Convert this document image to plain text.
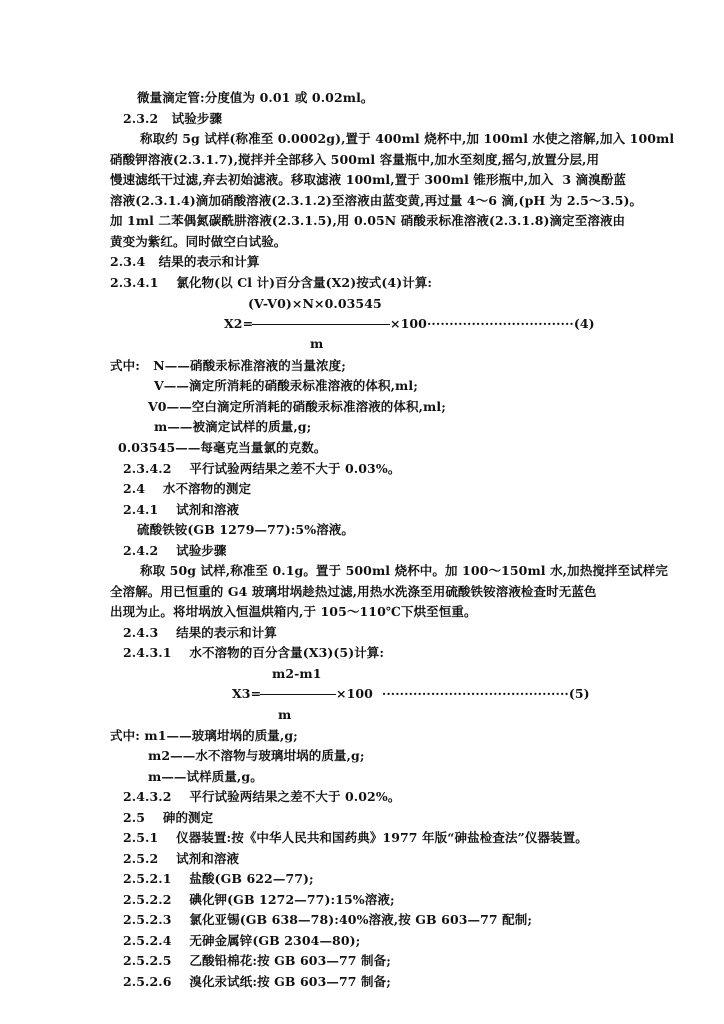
微量滴定管:分度值为 0.01 或 0.02ml。
2.3.2   试验步骤
称取约 5g 试样(称准至 0.0002g),置于 400ml 烧杯中,加 100ml 水使之溶解,加入 100ml
硝酸钾溶液(2.3.1.7),搅拌并全部移入 500ml 容量瓶中,加水至刻度,摇匀,放置分层,用
慢速滤纸干过滤,弃去初始滤液。移取滤液 100ml,置于 300ml 锥形瓶中,加入  3 滴溴酚蓝
溶液(2.3.1.4)滴加硝酸溶液(2.3.1.2)至溶液由蓝变黄,再过量 4～6 滴,(pH 为 2.5～3.5)。
加 1ml 二苯偶氮碳酰肼溶液(2.3.1.5),用 0.05N 硝酸汞标准溶液(2.3.1.8)滴定至溶液由
黄变为紫红。同时做空白试验。
2.3.4   结果的表示和计算
2.3.4.1    氯化物(以 Cl 计)百分含量(X2)按式(4)计算:
(V-V0)×N×0.03545
X2=	×100·································(4)
m
式中:   N——硝酸汞标准溶液的当量浓度;
V——滴定所消耗的硝酸汞标准溶液的体积,ml;
V0——空白滴定所消耗的硝酸汞标准溶液的体积,ml;
m——被滴定试样的质量,g;
0.03545——每毫克当量氯的克数。
2.3.4.2    平行试验两结果之差不大于 0.03%。
2.4    水不溶物的测定
2.4.1    试剂和溶液
硫酸铁铵(GB 1279—77):5%溶液。
2.4.2    试验步骤
称取 50g 试样,称准至 0.1g。置于 500ml 烧杯中。加 100～150ml 水,加热搅拌至试样完
全溶解。用已恒重的 G4 玻璃坩埚趁热过滤,用热水洗涤至用硫酸铁铵溶液检查时无蓝色
出现为止。将坩埚放入恒温烘箱内,于 105～110℃下烘至恒重。
2.4.3    结果的表示和计算
2.4.3.1    水不溶物的百分含量(X3)(5)计算:
m2-m1
X3=	×100  ··········································(5)
m
式中: m1——玻璃坩埚的质量,g;
m2——水不溶物与玻璃坩埚的质量,g;
m——试样质量,g。
2.4.3.2    平行试验两结果之差不大于 0.02%。
2.5    砷的测定
2.5.1    仪器装置:按《中华人民共和国药典》1977 年版“砷盐检查法”仪器装置。
2.5.2    试剂和溶液
2.5.2.1    盐酸(GB 622—77);
2.5.2.2    碘化钾(GB 1272—77):15%溶液;
2.5.2.3    氯化亚锡(GB 638—78):40%溶液,按 GB 603—77 配制;
2.5.2.4    无砷金属锌(GB 2304—80);
2.5.2.5    乙酸铅棉花:按 GB 603—77 制备;
2.5.2.6    溴化汞试纸:按 GB 603—77 制备;
